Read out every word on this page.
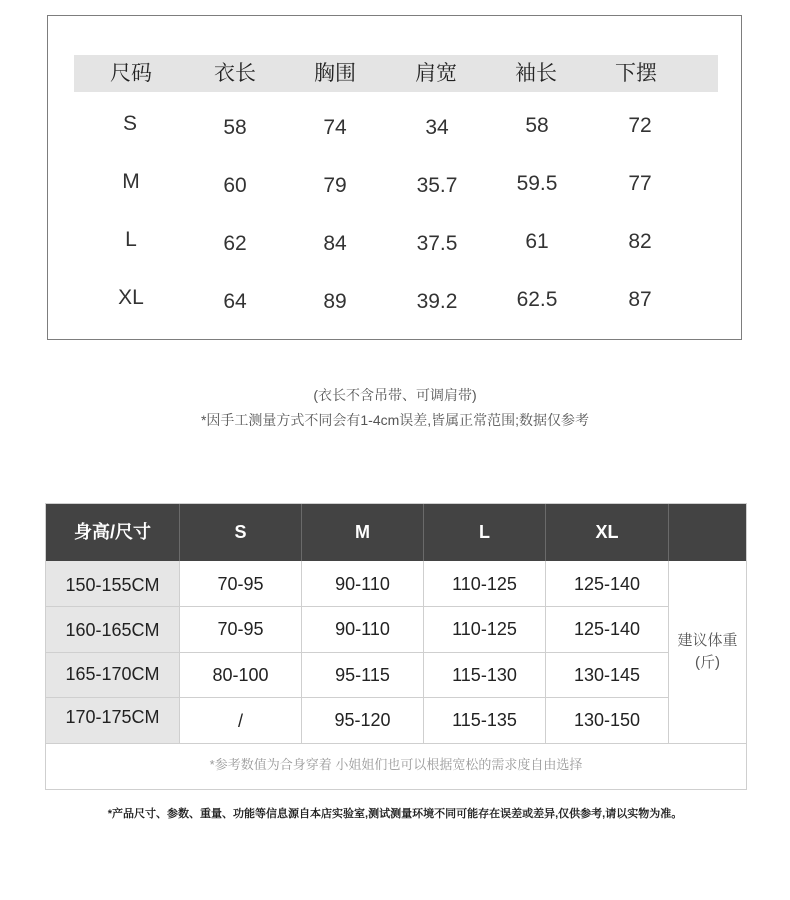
尺码	衣长	胸围	肩宽	袖长	下摆
S	58	74	34	58	72
M	60	79	35.7	59.5	77
L	62	84	37.5	61	82
XL	64	89	39.2	62.5	87
(衣长不含吊带、可调肩带)
*因手工测量方式不同会有1-4cm误差,皆属正常范围;数据仅参考
身高/尺寸	S	M	L	XL
150-155CM	70-95	90-110	110-125	125-140
160-165CM	70-95	90-110	110-125	125-140
165-170CM	80-100	95-115	115-130	130-145
170-175CM	/	95-120	115-135	130-150
建议体重
(斤)
*参考数值为合身穿着 小姐姐们也可以根据宽松的需求度自由选择
*产品尺寸、参数、重量、功能等信息源自本店实验室,测试测量环境不同可能存在误差或差异,仅供参考,请以实物为准。
